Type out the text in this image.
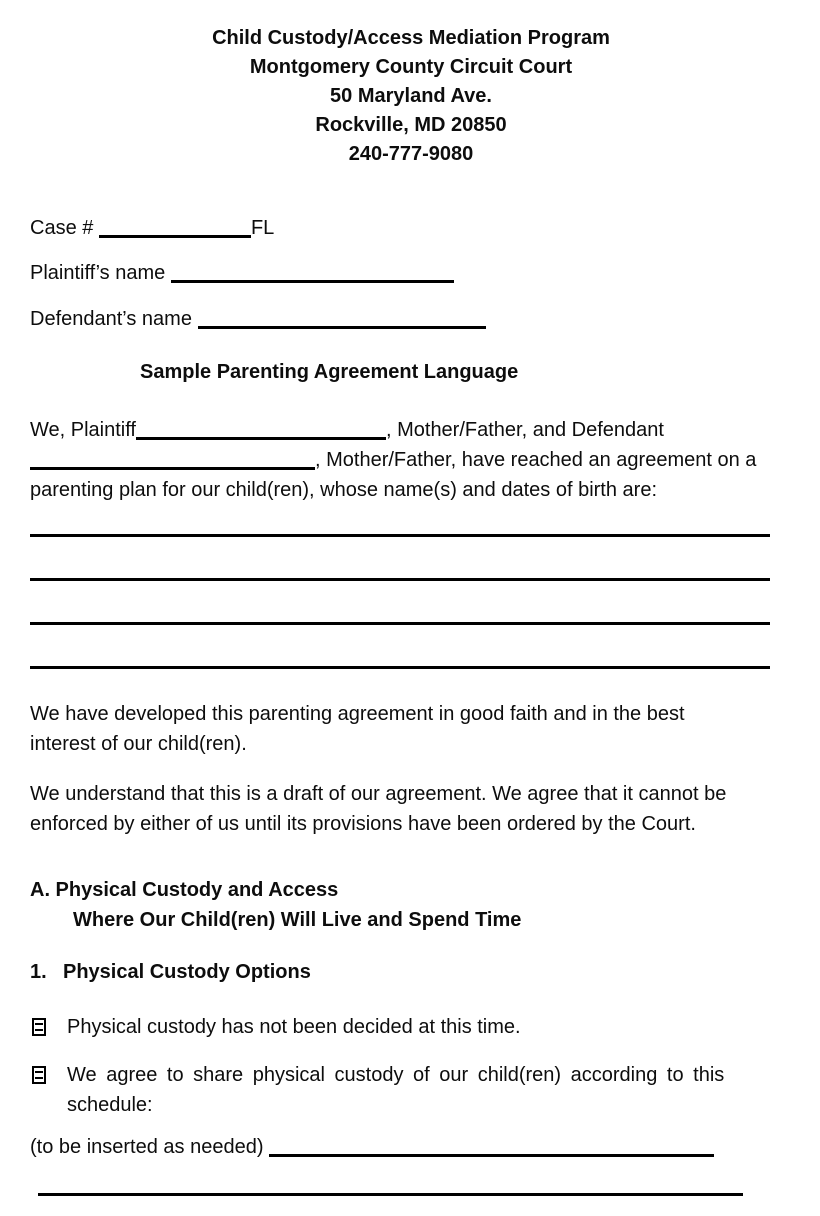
Child Custody/Access Mediation Program
Montgomery County Circuit Court
50 Maryland Ave.
Rockville, MD 20850
240-777-9080
Case #	FL
Plaintiff’s name
Defendant’s name
Sample Parenting Agreement Language
We, Plaintiff	, Mother/Father, and Defendant
, Mother/Father, have reached an agreement on a
parenting plan for our child(ren), whose name(s) and dates of birth are:
We have developed this parenting agreement in good faith and in the best
interest of our child(ren).
We understand that this is a draft of our agreement. We agree that it cannot be
enforced by either of us until its provisions have been ordered by the Court.
A. Physical Custody and Access
Where Our Child(ren) Will Live and Spend Time
1. Physical Custody Options
Physical custody has not been decided at this time.
We agree to share physical custody of our child(ren) according to this
schedule:
(to be inserted as needed)
